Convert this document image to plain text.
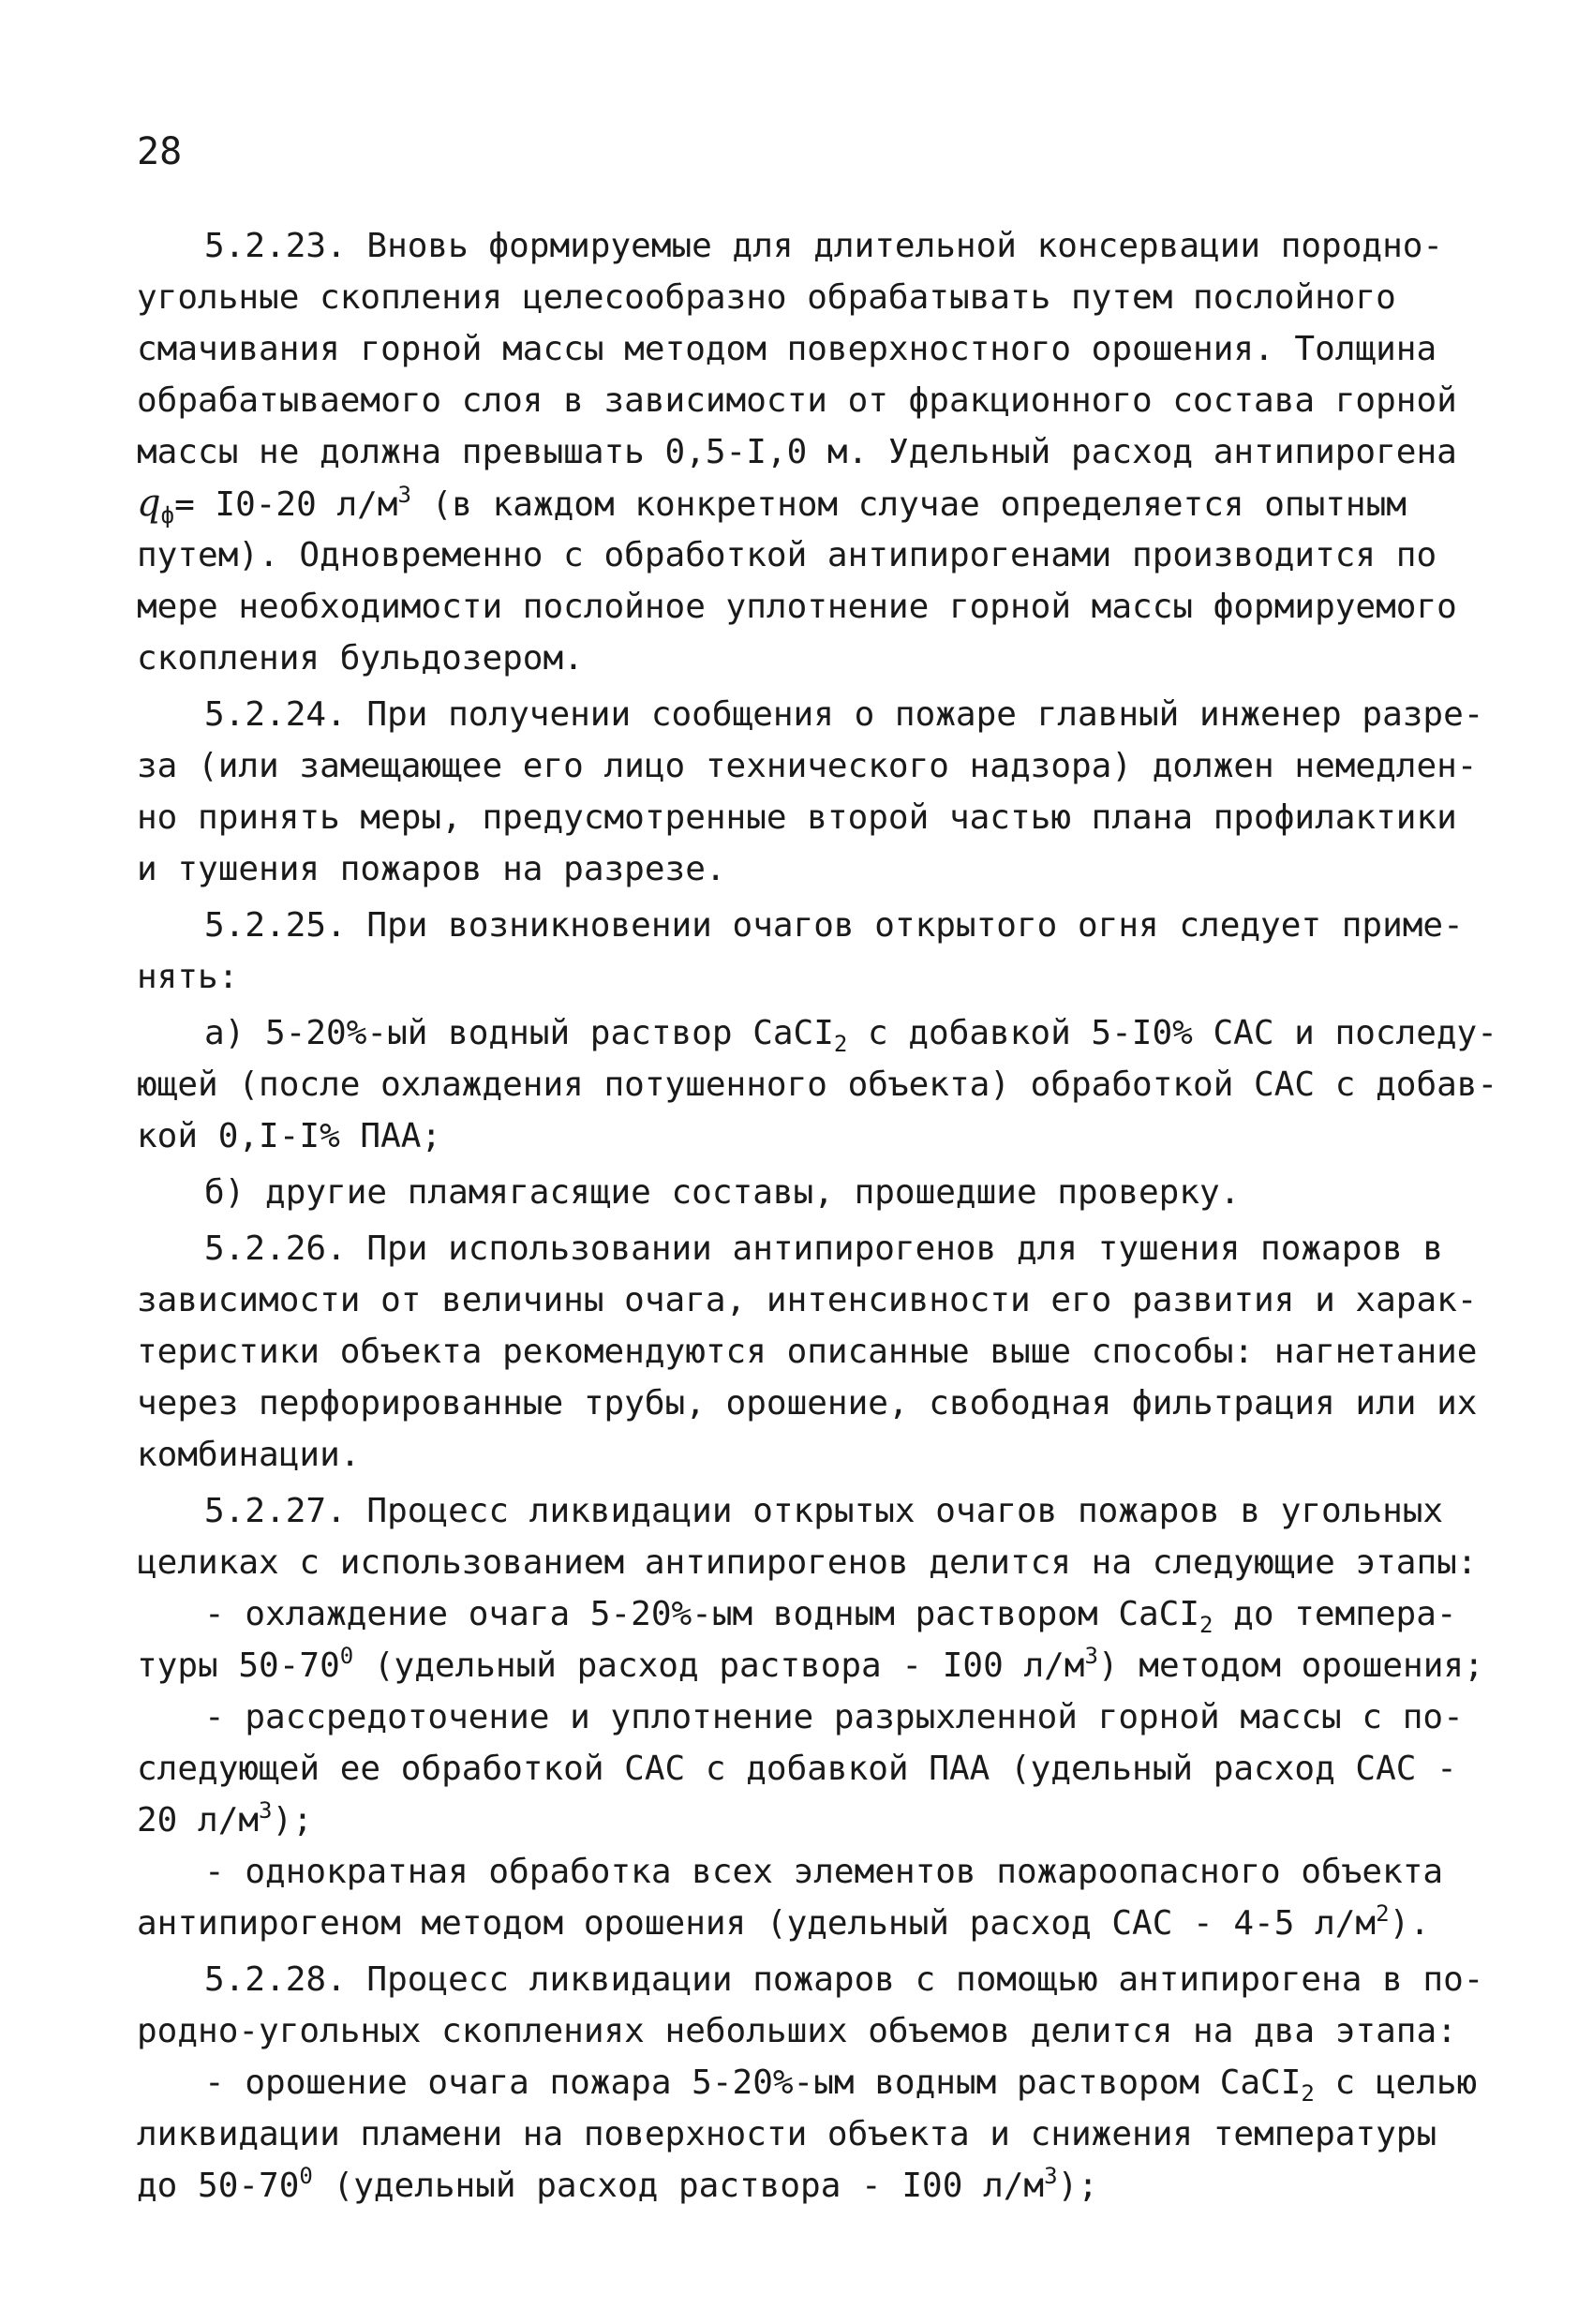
28
5.2.23. Вновь формируемые для длительной консервации породно-
угольные скопления целесообразно обрабатывать путем послойного
смачивания горной массы методом поверхностного орошения. Толщина
обрабатываемого слоя в зависимости от фракционного состава горной
массы не должна превышать 0,5-I,0 м. Удельный расход антипирогена
$q_ф= I0-20$ $л/м^3$ (в каждом конкретном случае определяется опытным
путем). Одновременно с обработкой антипирогенами производится по
мере необходимости послойное уплотнение горной массы формируемого
скопления бульдозером.
5.2.24. При получении сообщения о пожаре главный инженер разре-
за (или замещающее его лицо технического надзора) должен немедлен-
но принять меры, предусмотренные второй частью плана профилактики
и тушения пожаров на разрезе.
5.2.25. При возникновении очагов открытого огня следует приме-
нять:
а) 5-20%-ый водный раствор CaCI$_2$ с добавкой 5-I0% САС и последу-
ющей (после охлаждения потушенного объекта) обработкой САС с добав-
кой 0,I-I% ПАА;
б) другие пламягасящие составы, прошедшие проверку.
5.2.26. При использовании антипирогенов для тушения пожаров в
зависимости от величины очага, интенсивности его развития и харак-
теристики объекта рекомендуются описанные выше способы: нагнетание
через перфорированные трубы, орошение, свободная фильтрация или их
комбинации.
5.2.27. Процесс ликвидации открытых очагов пожаров в угольных
целиках с использованием антипирогенов делится на следующие этапы:
- охлаждение очага 5-20%-ым водным раствором CaCI$_2$ до темпера-
туры $50-70^0$ (удельный расход раствора - I00 $л/м^3$) методом орошения;
- рассредоточение и уплотнение разрыхленной горной массы с по-
следующей ее обработкой САС с добавкой ПАА (удельный расход САС -
20 $л/м^3$);
- однократная обработка всех элементов пожароопасного объекта
антипирогеном методом орошения (удельный расход САС - 4-5 $л/м^2$).
5.2.28. Процесс ликвидации пожаров с помощью антипирогена в по-
родно-угольных скоплениях небольших объемов делится на два этапа:
- орошение очага пожара 5-20%-ым водным раствором CaCI$_2$ с целью
ликвидации пламени на поверхности объекта и снижения температуры
до $50-70^0$ (удельный расход раствора - I00 $л/м^3$);
